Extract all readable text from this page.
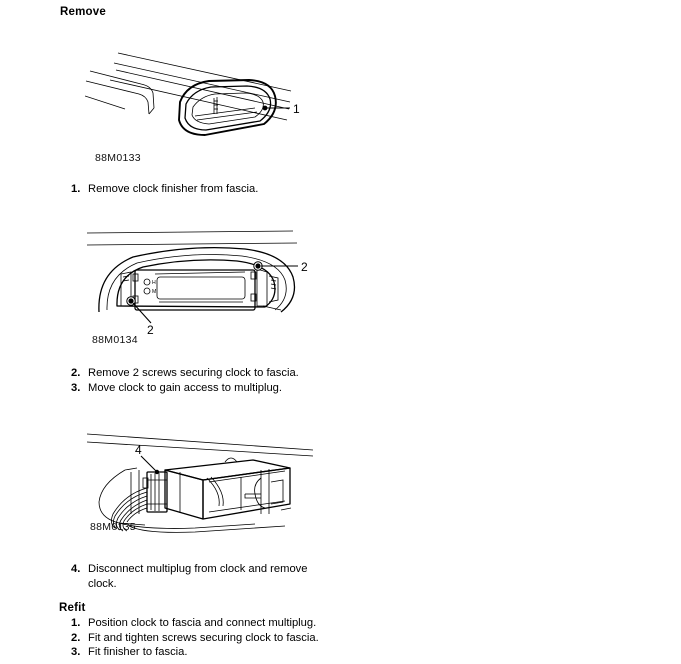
Remove
1
88M0133
1. Remove clock finisher from fascia.
H
M
2
2
88M0134
2. Remove 2 screws securing clock to fascia.
3. Move clock to gain access to multiplug.
4
88M0135
4. Disconnect multiplug from clock and remove clock.
Refit
1. Position clock to fascia and connect multiplug.
2. Fit and tighten screws securing clock to fascia.
3. Fit finisher to fascia.
